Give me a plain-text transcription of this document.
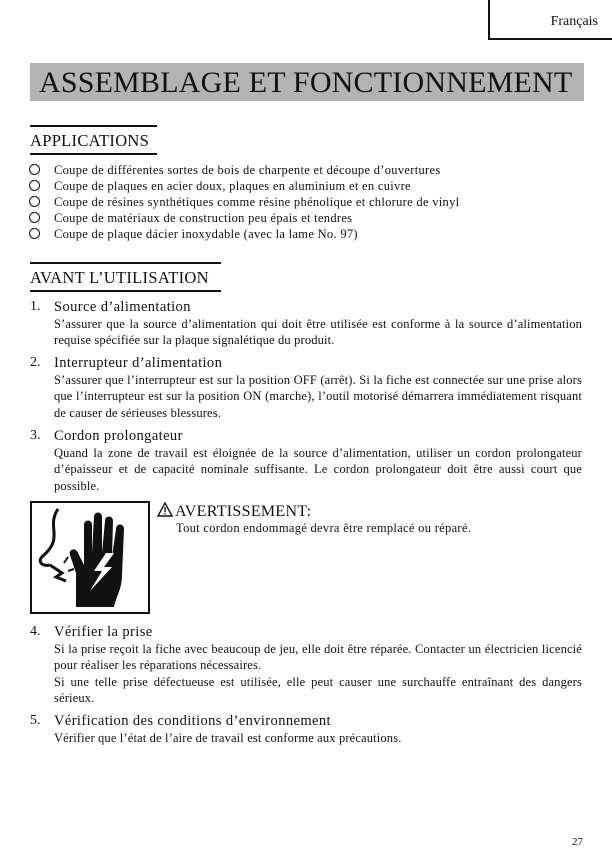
Français
ASSEMBLAGE ET FONCTIONNEMENT
APPLICATIONS
Coupe de différentes sortes de bois de charpente et découpe d’ouvertures
Coupe de plaques en acier doux, plaques en aluminium et en cuivre
Coupe de résines synthétiques comme résine phénolique et chlorure de vinyl
Coupe de matériaux de construction peu épais et tendres
Coupe de plaque dácier inoxydable (avec la lame No. 97)
AVANT L’UTILISATION
1. Source d’alimentation

S’assurer que la source d’alimentation qui doit être utilisée est conforme à la source d’alimentation requise spécifiée sur la plaque signalétique du produit.

2. Interrupteur d’alimentation

S’assurer que l’interrupteur est sur la position OFF (arrêt). Si la fiche est connectée sur une prise alors que l’interrupteur est sur la position ON (marche), l’outil motorisé démarrera immédiatement risquant de causer de sérieuses blessures.

3. Cordon prolongateur

Quand la zone de travail est éloignée de la source d’alimentation, utiliser un cordon prolongateur d’épaisseur et de capacité nominale suffisante. Le cordon prolongateur doit être aussi court que possible.

AVERTISSEMENT:
Tout cordon endommagé devra être remplacé ou réparé.
4. Vérifier la prise

Si la prise reçoit la fiche avec beaucoup de jeu, elle doit être réparée. Contacter un électricien licencié pour réaliser les réparations nécessaires.

Si une telle prise défectueuse est utilisée, elle peut causer une surchauffe entraînant des dangers sérieux.

5. Vérification des conditions d’environnement

Vérifier que l’état de l’aire de travail est conforme aux précautions.

27
